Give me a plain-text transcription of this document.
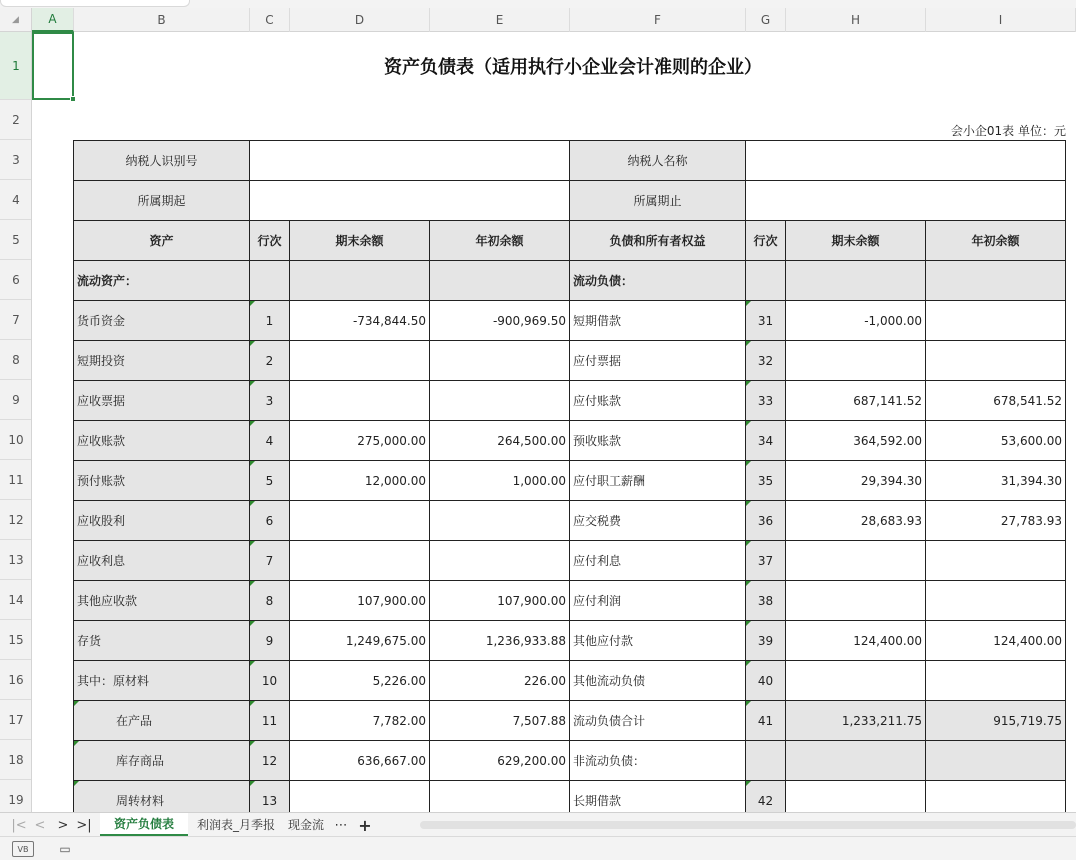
◢	A	B	C	D	E	F	G	H	I
1
2
3
4
5
6
7
8
9
10
11
12
13
14
15
16
17
18
19
资产负债表（适用执行小企业会计准则的企业）
会小企01表 单位：元
纳税人识别号				纳税人名称			
所属期起				所属期止			
资产	行次	期末余额	年初余额	负债和所有者权益	行次	期末余额	年初余额
流动资产：				流动负债：			
货币资金	1	-734,844.50	-900,969.50	短期借款	31	-1,000.00	
短期投资	2			应付票据	32		
应收票据	3			应付账款	33	687,141.52	678,541.52
应收账款	4	275,000.00	264,500.00	预收账款	34	364,592.00	53,600.00
预付账款	5	12,000.00	1,000.00	应付职工薪酬	35	29,394.30	31,394.30
应收股利	6			应交税费	36	28,683.93	27,783.93
应收利息	7			应付利息	37		
其他应收款	8	107,900.00	107,900.00	应付利润	38		
存货	9	1,249,675.00	1,236,933.88	其他应付款	39	124,400.00	124,400.00
其中：原材料	10	5,226.00	226.00	其他流动负债	40		
在产品	11	7,782.00	7,507.88	流动负债合计	41	1,233,211.75	915,719.75
库存商品	12	636,667.00	629,200.00	非流动负债：			
周转材料	13			长期借款	42		
|< < > >|	资产负债表	利润表_月季报	现金流 ⋯ +
VB	▭
